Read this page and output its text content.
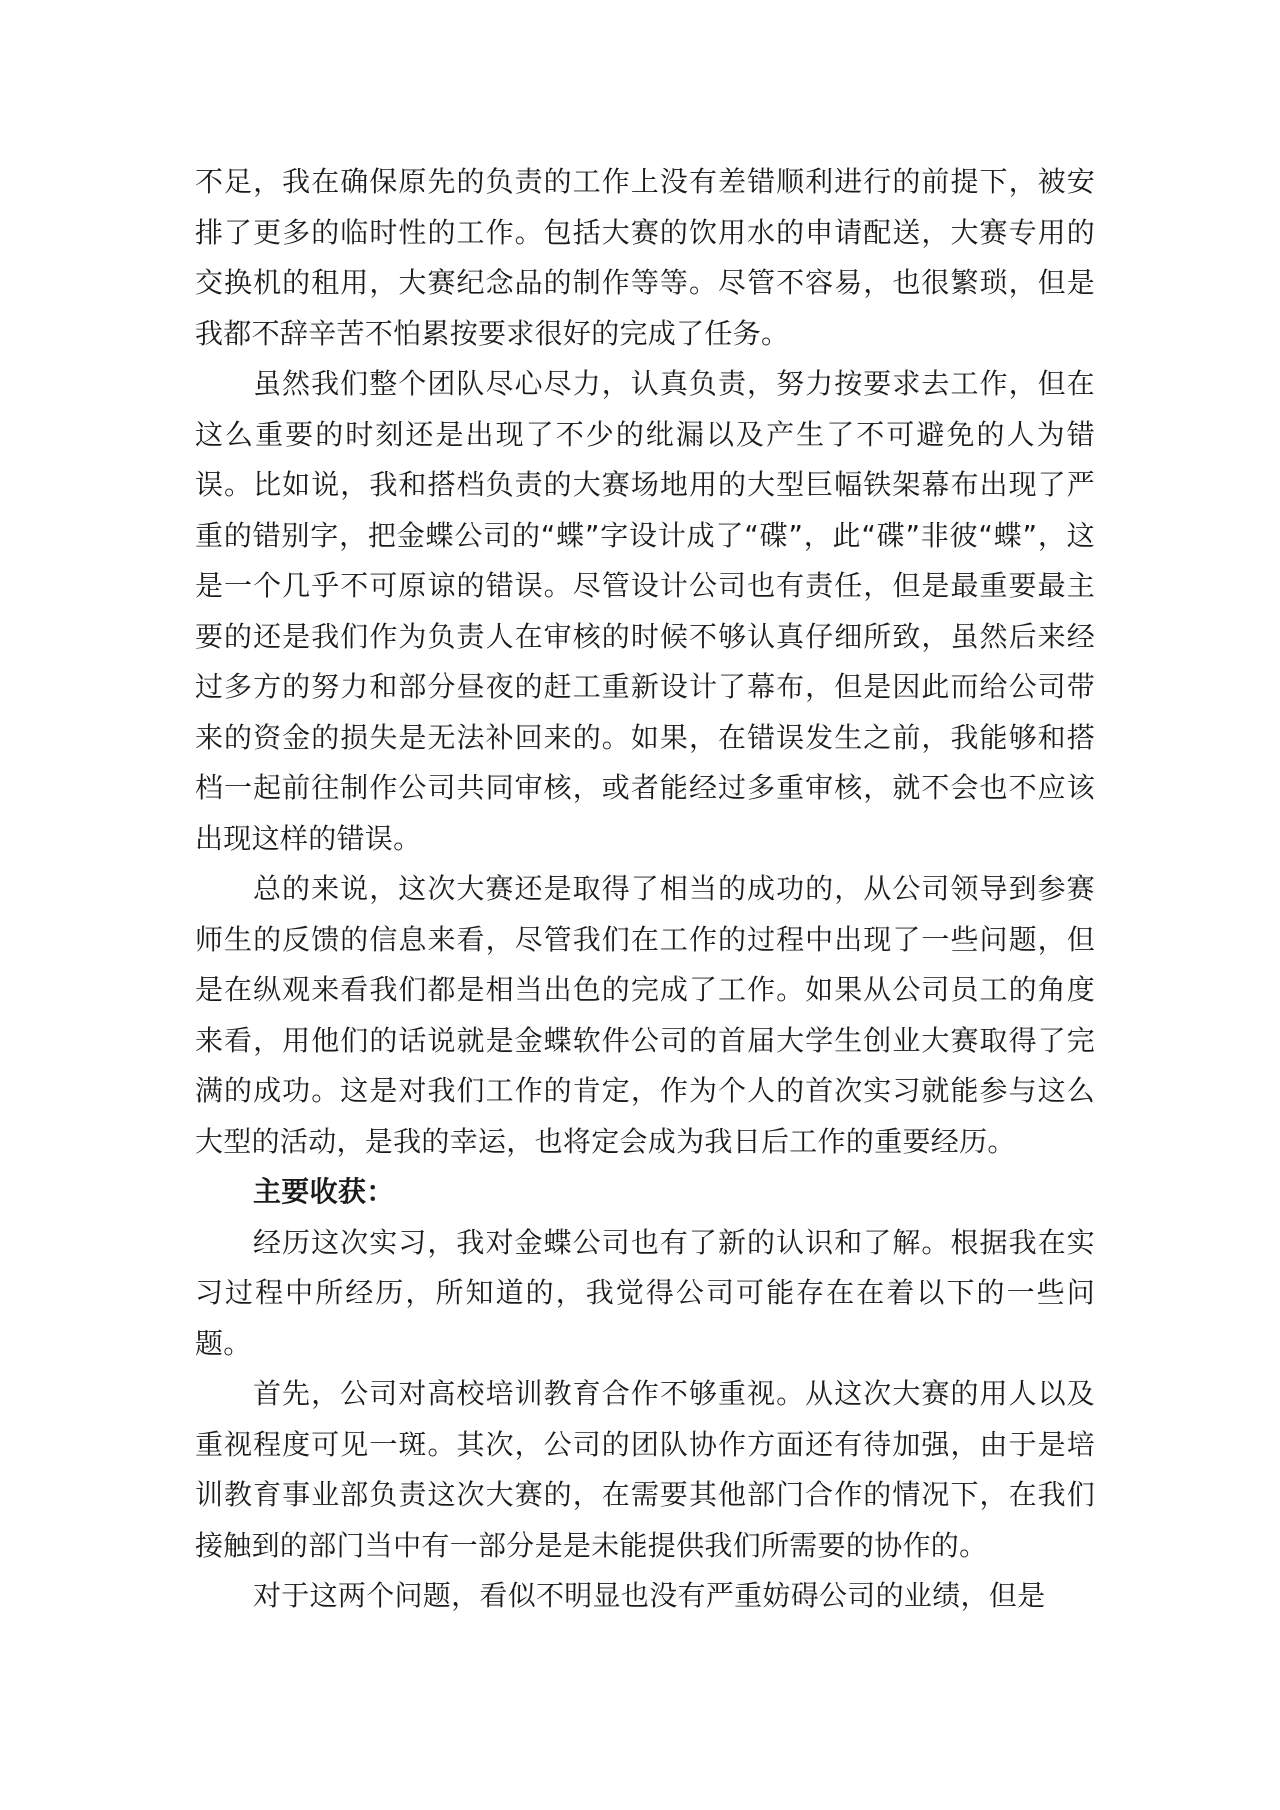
不足，我在确保原先的负责的工作上没有差错顺利进行的前提下，被安排了更多的临时性的工作。包括大赛的饮用水的申请配送，大赛专用的交换机的租用，大赛纪念品的制作等等。尽管不容易，也很繁琐，但是我都不辞辛苦不怕累按要求很好的完成了任务。

虽然我们整个团队尽心尽力，认真负责，努力按要求去工作，但在这么重要的时刻还是出现了不少的纰漏以及产生了不可避免的人为错误。比如说，我和搭档负责的大赛场地用的大型巨幅铁架幕布出现了严重的错别字，把金蝶公司的“蝶”字设计成了“碟”，此“碟”非彼“蝶”，这是一个几乎不可原谅的错误。尽管设计公司也有责任，但是最重要最主要的还是我们作为负责人在审核的时候不够认真仔细所致，虽然后来经过多方的努力和部分昼夜的赶工重新设计了幕布，但是因此而给公司带来的资金的损失是无法补回来的。如果，在错误发生之前，我能够和搭档一起前往制作公司共同审核，或者能经过多重审核，就不会也不应该出现这样的错误。

总的来说，这次大赛还是取得了相当的成功的，从公司领导到参赛师生的反馈的信息来看，尽管我们在工作的过程中出现了一些问题，但是在纵观来看我们都是相当出色的完成了工作。如果从公司员工的角度来看，用他们的话说就是金蝶软件公司的首届大学生创业大赛取得了完满的成功。这是对我们工作的肯定，作为个人的首次实习就能参与这么大型的活动，是我的幸运，也将定会成为我日后工作的重要经历。

主要收获：

经历这次实习，我对金蝶公司也有了新的认识和了解。根据我在实习过程中所经历，所知道的，我觉得公司可能存在在着以下的一些问题。

首先，公司对高校培训教育合作不够重视。从这次大赛的用人以及重视程度可见一斑。其次，公司的团队协作方面还有待加强，由于是培训教育事业部负责这次大赛的，在需要其他部门合作的情况下，在我们接触到的部门当中有一部分是是未能提供我们所需要的协作的。

对于这两个问题，看似不明显也没有严重妨碍公司的业绩，但是
